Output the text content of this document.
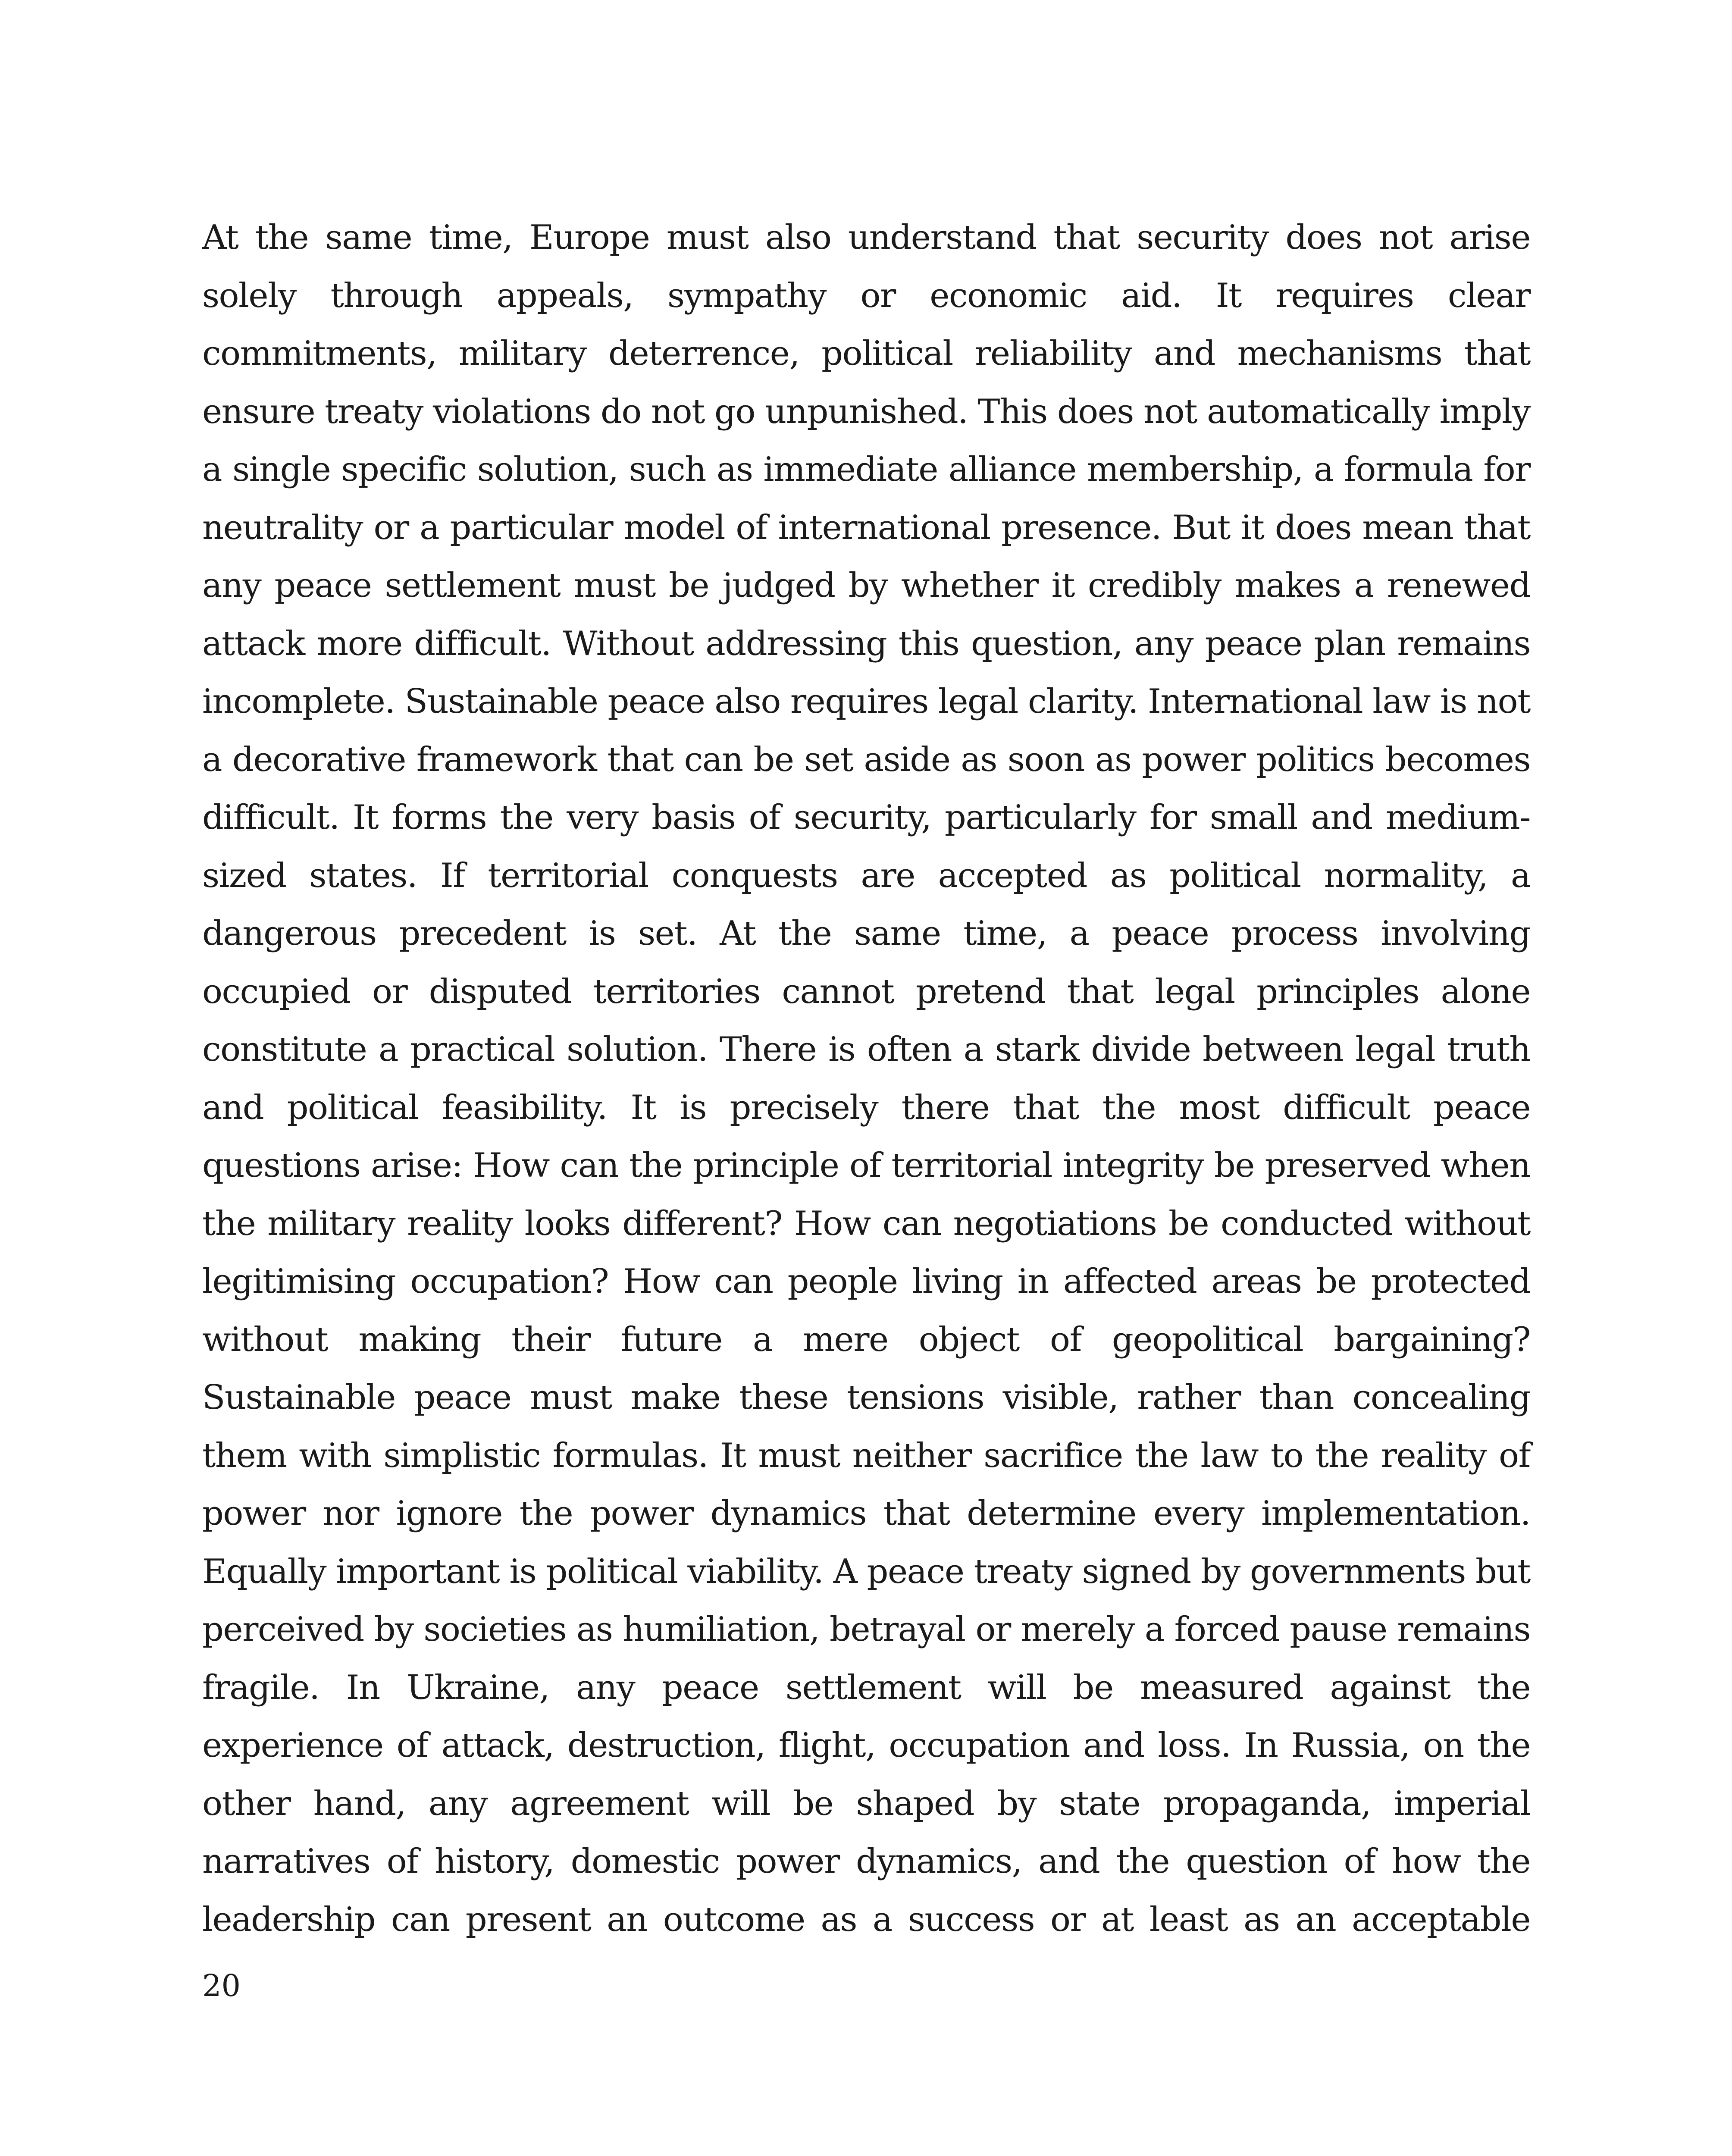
At the same time, Europe must also understand that security does not arise solely through appeals, sympathy or economic aid. It requires clear commitments, military deterrence, political reliability and mechanisms that ensure treaty violations do not go unpunished. This does not automatically imply a single specific solution, such as immediate alliance membership, a formula for neutrality or a particular model of international presence. But it does mean that any peace settlement must be judged by whether it credibly makes a renewed attack more difficult. Without addressing this question, any peace plan remains incomplete. Sustainable peace also requires legal clarity. International law is not a decorative framework that can be set aside as soon as power politics becomes difficult. It forms the very basis of security, particularly for small and medium-sized states. If territorial conquests are accepted as political normality, a dangerous precedent is set. At the same time, a peace process involving occupied or disputed territories cannot pretend that legal principles alone constitute a practical solution. There is often a stark divide between legal truth and political feasibility. It is precisely there that the most difficult peace questions arise: How can the principle of territorial integrity be preserved when the military reality looks different? How can negotiations be conducted without legitimising occupation? How can people living in affected areas be protected without making their future a mere object of geopolitical bargaining? Sustainable peace must make these tensions visible, rather than concealing them with simplistic formulas. It must neither sacrifice the law to the reality of power nor ignore the power dynamics that determine every implementation. Equally important is political viability. A peace treaty signed by governments but perceived by societies as humiliation, betrayal or merely a forced pause remains fragile. In Ukraine, any peace settlement will be measured against the experience of attack, destruction, flight, occupation and loss. In Russia, on the other hand, any agreement will be shaped by state propaganda, imperial narratives of history, domestic power dynamics, and the question of how the leadership can present an outcome as a success or at least as an acceptable

20
